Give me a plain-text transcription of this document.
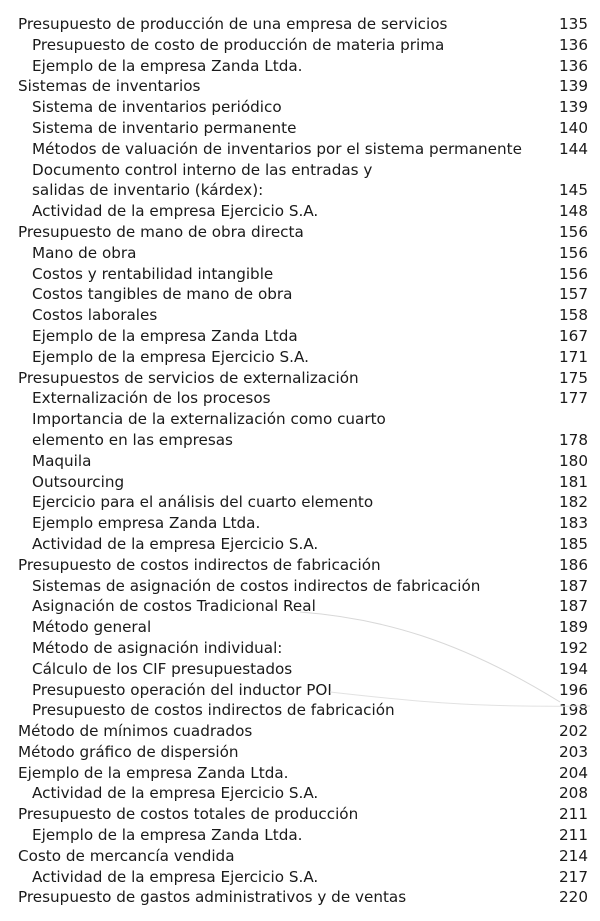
Presupuesto de producción de una empresa de servicios	135
Presupuesto de costo de producción de materia prima	136
Ejemplo de la empresa Zanda Ltda.	136
Sistemas de inventarios	139
Sistema de inventarios periódico	139
Sistema de inventario permanente	140
Métodos de valuación de inventarios por el sistema permanente 144
Documento control interno de las entradas y
salidas de inventario (kárdex):	145
Actividad de la empresa Ejercicio S.A.	148
Presupuesto de mano de obra directa	156
Mano de obra	156
Costos y rentabilidad intangible	156
Costos tangibles de mano de obra	157
Costos laborales	158
Ejemplo de la empresa Zanda Ltda	167
Ejemplo de la empresa Ejercicio S.A.	171
Presupuestos de servicios de externalización	175
Externalización de los procesos	177
Importancia de la externalización como cuarto
elemento en las empresas	178
Maquila	180
Outsourcing	181
Ejercicio para el análisis del cuarto elemento	182
Ejemplo empresa Zanda Ltda.	183
Actividad de la empresa Ejercicio S.A.	185
Presupuesto de costos indirectos de fabricación	186
Sistemas de asignación de costos indirectos de fabricación	187
Asignación de costos Tradicional Real	187
Método general	189
Método de asignación individual:	192
Cálculo de los CIF presupuestados	194
Presupuesto operación del inductor POI	196
Presupuesto de costos indirectos de fabricación	198
Método de mínimos cuadrados	202
Método gráfico de dispersión	203
Ejemplo de la empresa Zanda Ltda.	204
Actividad de la empresa Ejercicio S.A.	208
Presupuesto de costos totales de producción	211
Ejemplo de la empresa Zanda Ltda.	211
Costo de mercancía vendida	214
Actividad de la empresa Ejercicio S.A.	217
Presupuesto de gastos administrativos y de ventas	220
